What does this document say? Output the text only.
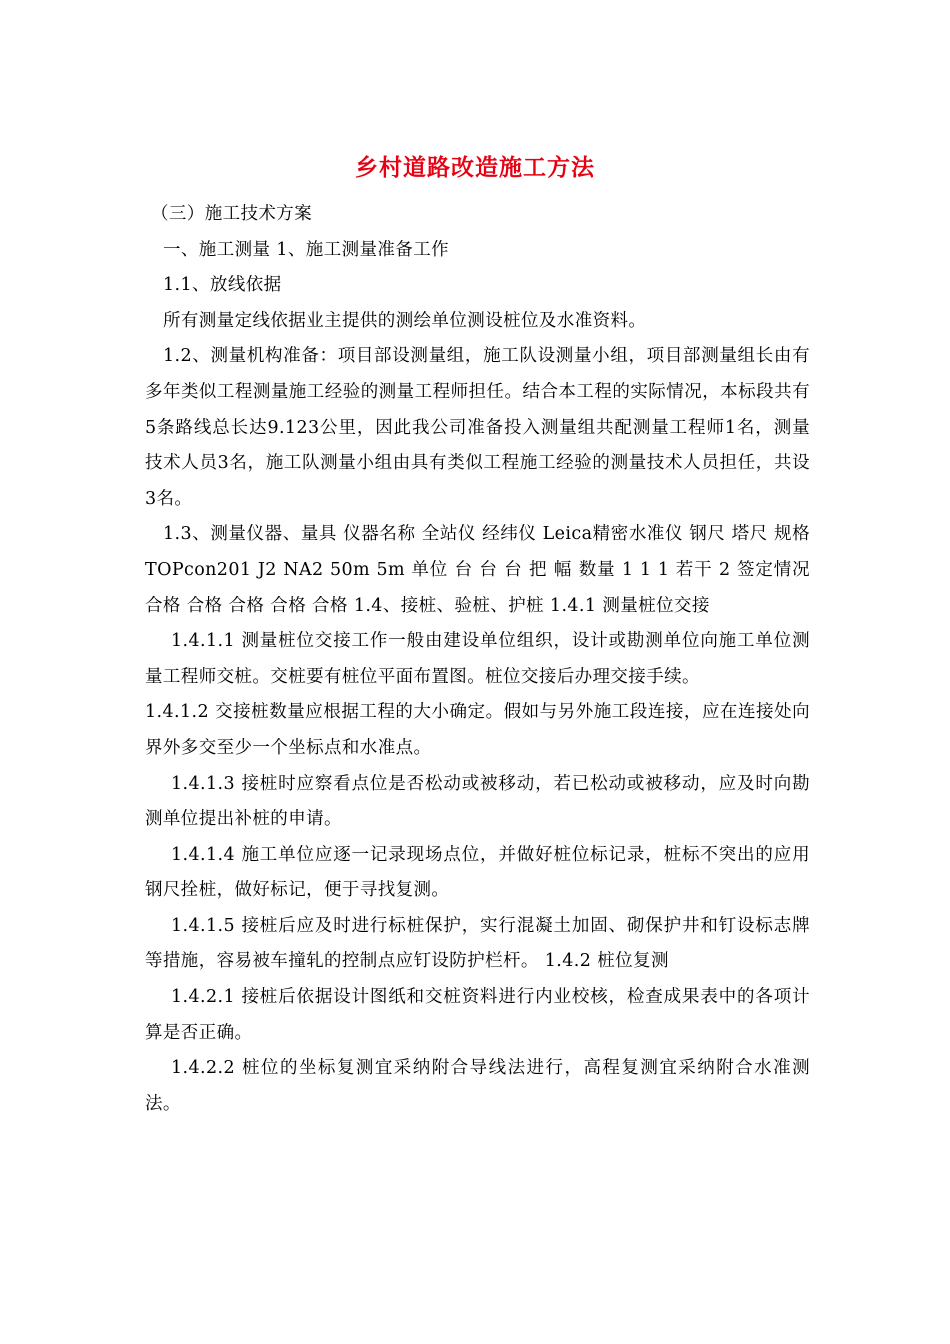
乡村道路改造施工方法

（三）施工技术方案

一、施工测量 1、施工测量准备工作

1.1、放线依据

所有测量定线依据业主提供的测绘单位测设桩位及水准资料。

1.2、测量机构准备：项目部设测量组，施工队设测量小组，项目部测量组长由有多年类似工程测量施工经验的测量工程师担任。结合本工程的实际情况，本标段共有5条路线总长达9.123公里，因此我公司准备投入测量组共配测量工程师1名，测量技术人员3名，施工队测量小组由具有类似工程施工经验的测量技术人员担任，共设3名。

1.3、测量仪器、量具 仪器名称 全站仪 经纬仪 Leica精密水准仪 钢尺 塔尺 规格 TOPcon201 J2 NA2 50m 5m 单位 台 台 台 把 幅 数量 1 1 1 若干 2 签定情况 合格 合格 合格 合格 合格 1.4、接桩、验桩、护桩 1.4.1 测量桩位交接

1.4.1.1 测量桩位交接工作一般由建设单位组织，设计或勘测单位向施工单位测量工程师交桩。交桩要有桩位平面布置图。桩位交接后办理交接手续。

1.4.1.2 交接桩数量应根据工程的大小确定。假如与另外施工段连接，应在连接处向界外多交至少一个坐标点和水准点。

1.4.1.3 接桩时应察看点位是否松动或被移动，若已松动或被移动，应及时向勘测单位提出补桩的申请。

1.4.1.4 施工单位应逐一记录现场点位，并做好桩位标记录，桩标不突出的应用钢尺拴桩，做好标记，便于寻找复测。

1.4.1.5 接桩后应及时进行标桩保护，实行混凝土加固、砌保护井和钉设标志牌等措施，容易被车撞轧的控制点应钉设防护栏杆。 1.4.2 桩位复测

1.4.2.1 接桩后依据设计图纸和交桩资料进行内业校核，检查成果表中的各项计算是否正确。

1.4.2.2 桩位的坐标复测宜采纳附合导线法进行，高程复测宜采纳附合水准测法。
